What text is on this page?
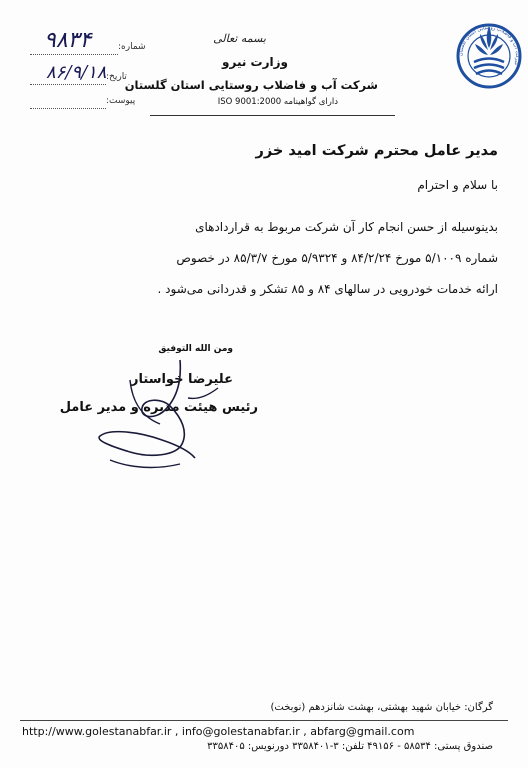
شرکت آب و فاضلاب روستایی استان گلستان
بسمه تعالی
وزارت نیرو
شرکت آب و فاضلاب روستایی استان گلستان
دارای گواهینامه ISO 9001:2000
شماره:
۹۸۳۴
تاریخ:
۸۶/۹/۱۸
پیوست:
مدیر عامل محترم شرکت امید خزر
با سلام و احترام
بدینوسیله از حسن انجام کار آن شرکت مربوط به قراردادهای
شماره ۵/۱۰۰۹ مورخ ۸۴/۲/۲۴ و ۵/۹۳۲۴ مورخ ۸۵/۳/۷ در خصوص
ارائه خدمات خودرویی در سالهای ۸۴ و ۸۵ تشکر و قدردانی می‌شود .
ومن الله التوفیق
علیرضا خواستار
رئیس هیئت مدیره و مدیر عامل
گرگان: خیابان شهید بهشتی، بهشت شانزدهم (نوبخت)
http://www.golestanabfar.ir , info@golestanabfar.ir , abfarg@gmail.com
صندوق پستی: ۵۸۵۳۴ - ۴۹۱۵۶ تلفن: ۳-۳۳۵۸۴۰۱ دورنویس: ۳۳۵۸۴۰۵
